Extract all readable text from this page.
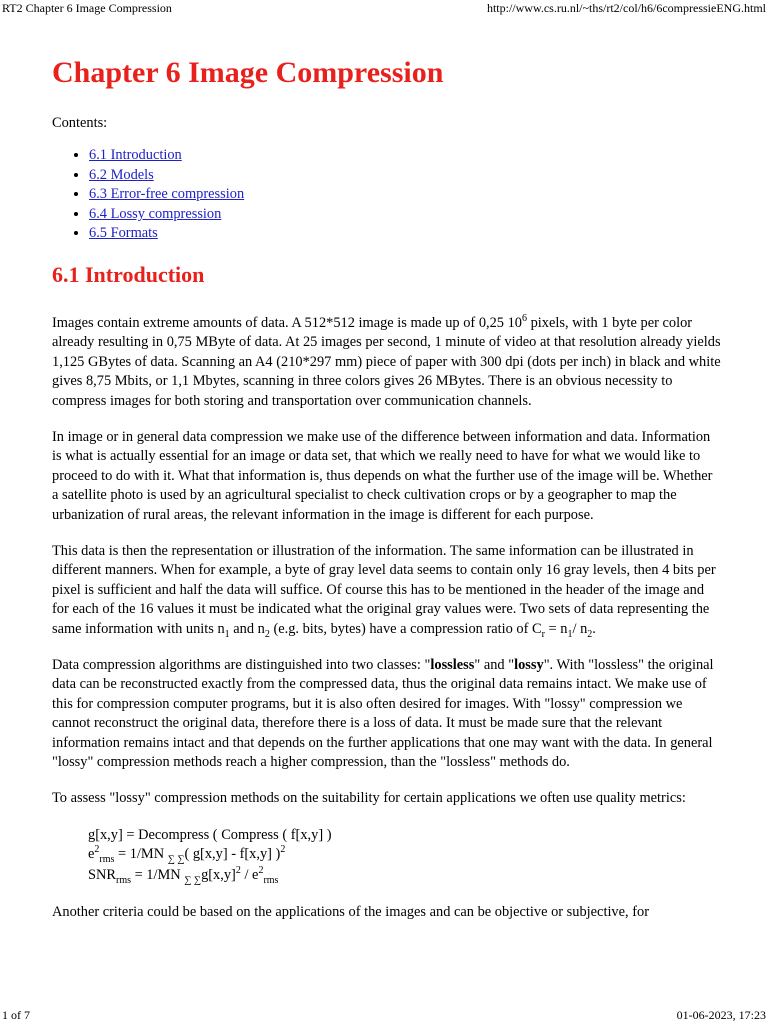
RT2 Chapter 6 Image Compression	http://www.cs.ru.nl/~ths/rt2/col/h6/6compressieENG.html
Chapter 6 Image Compression

Contents:

• 6.1 Introduction
• 6.2 Models
• 6.3 Error-free compression
• 6.4 Lossy compression
• 6.5 Formats
6.1 Introduction

Images contain extreme amounts of data. A 512*512 image is made up of 0,25 $10^6$ pixels, with 1 byte per color already resulting in 0,75 MByte of data. At 25 images per second, 1 minute of video at that resolution already yields 1,125 GBytes of data. Scanning an A4 (210*297 mm) piece of paper with 300 dpi (dots per inch) in black and white gives 8,75 Mbits, or 1,1 Mbytes, scanning in three colors gives 26 MBytes. There is an obvious necessity to compress images for both storing and transportation over communication channels.

In image or in general data compression we make use of the difference between information and data. Information is what is actually essential for an image or data set, that which we really need to have for what we would like to proceed to do with it. What that information is, thus depends on what the further use of the image will be. Whether a satellite photo is used by an agricultural specialist to check cultivation crops or by a geographer to map the urbanization of rural areas, the relevant information in the image is different for each purpose.

This data is then the representation or illustration of the information. The same information can be illustrated in different manners. When for example, a byte of gray level data seems to contain only 16 gray levels, then 4 bits per pixel is sufficient and half the data will suffice. Of course this has to be mentioned in the header of the image and for each of the 16 values it must be indicated what the original gray values were. Two sets of data representing the same information with units $n_1$ and $n_2$ (e.g. bits, bytes) have a compression ratio of $C_r = n_1/$ $n_2$.

Data compression algorithms are distinguished into two classes: "lossless" and "lossy". With "lossless" the original data can be reconstructed exactly from the compressed data, thus the original data remains intact. We make use of this for compression computer programs, but it is also often desired for images. With "lossy" compression we cannot reconstruct the original data, therefore there is a loss of data. It must be made sure that the relevant information remains intact and that depends on the further applications that one may want with the data. In general "lossy" compression methods reach a higher compression, than the "lossless" methods do.

To assess "lossy" compression methods on the suitability for certain applications we often use quality metrics:

g[x,y] = Decompress ( Compress ( f[x,y] )
$e^2_{rms} = 1/MN$ $_{\sum \sum}$( g[x,y] - f[x,y] )$^2$
$SNR_{rms} = 1/MN$ $_{\sum \sum}g[x,y]^2 / e^2_{rms}$

Another criteria could be based on the applications of the images and can be objective or subjective, for

1 of 7	01-06-2023, 17:23
